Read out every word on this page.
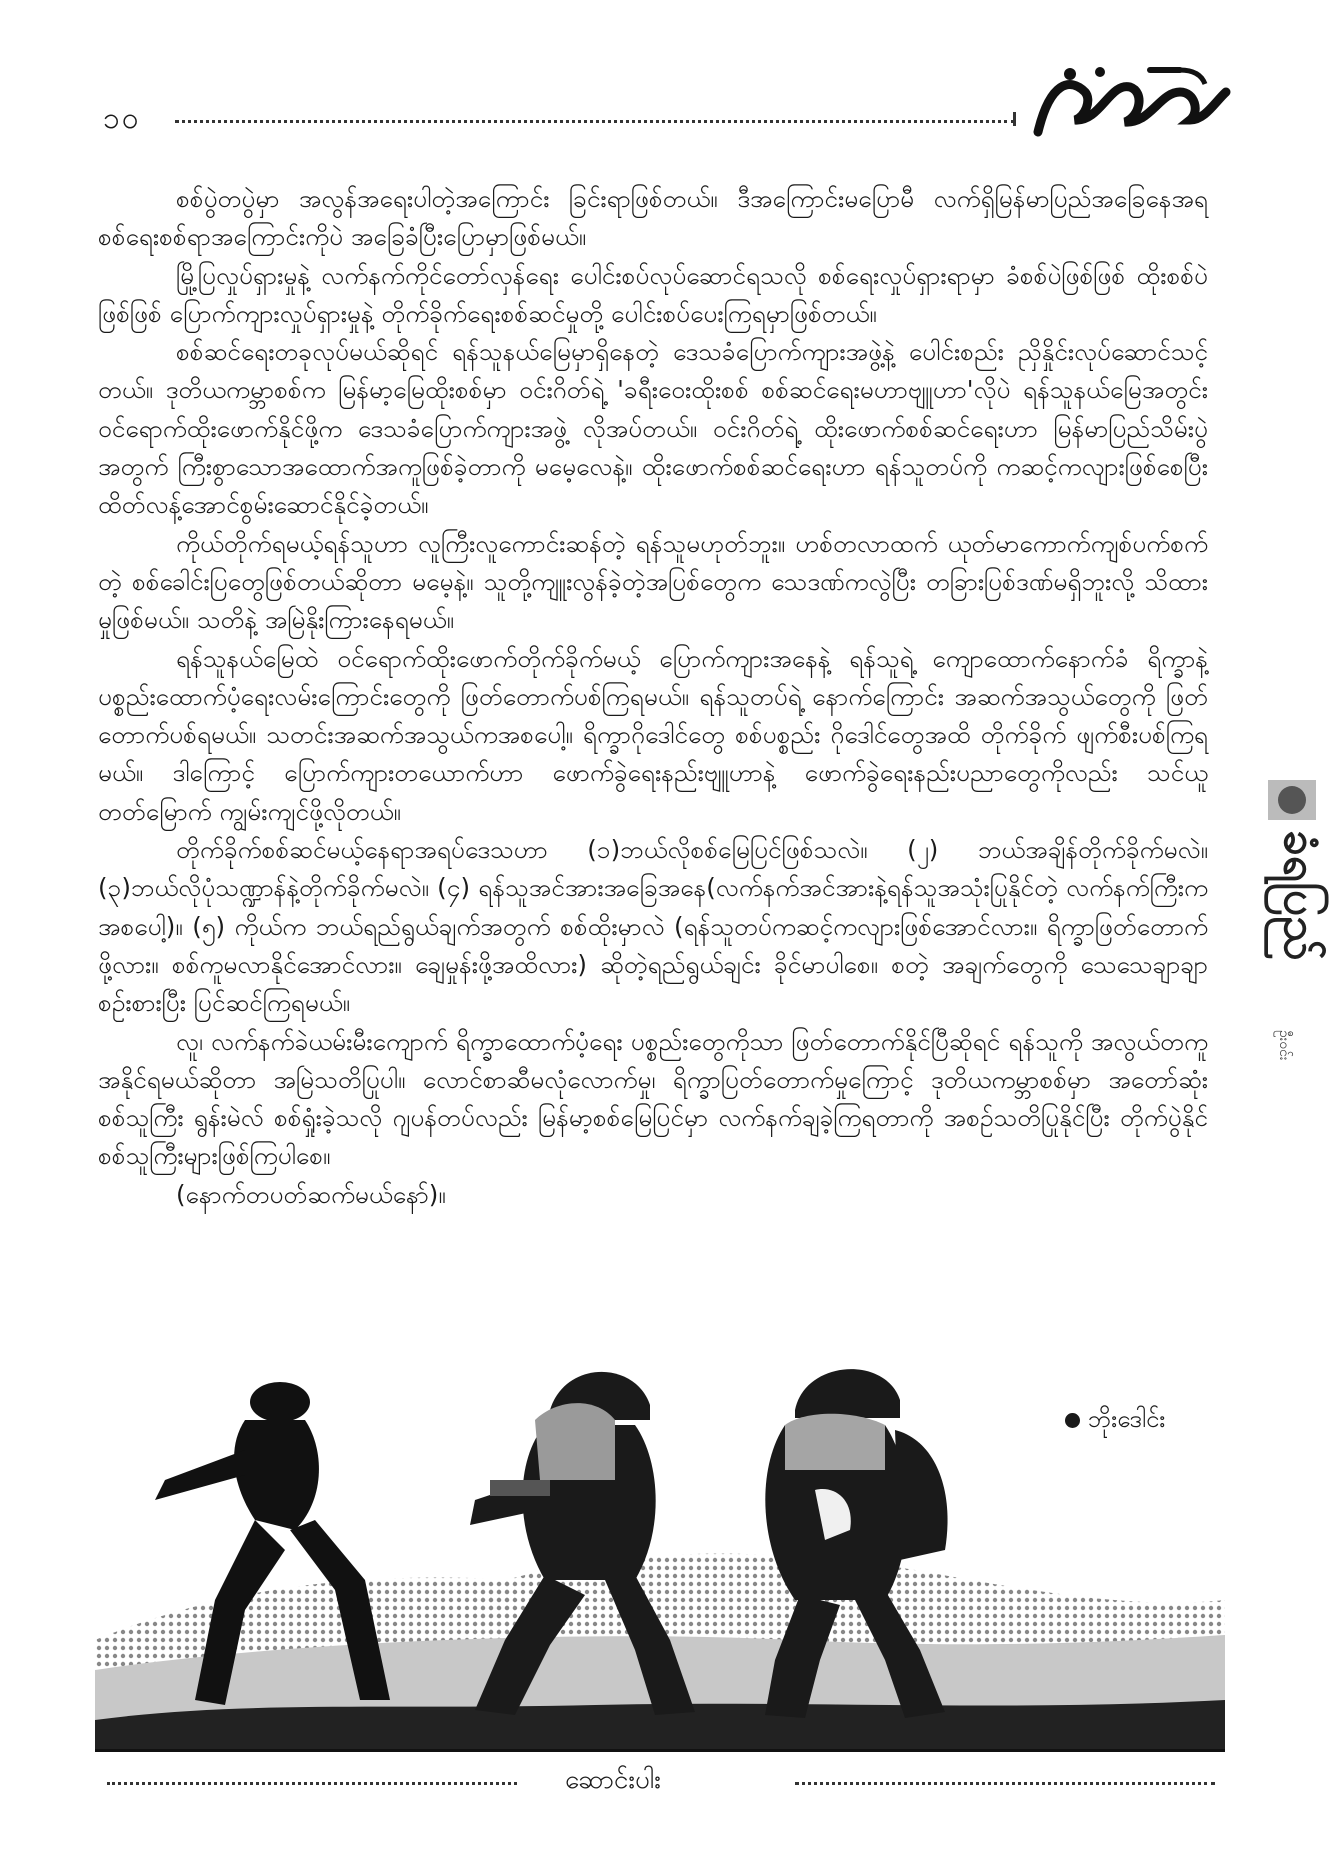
၁၀
မိုးမိုးတောင်
ခံရပြည်
ဦးဝင်း

စစ်ပွဲတပွဲမှာ အလွန်အရေးပါတဲ့အကြောင်း ခြင်းရာဖြစ်တယ်။ ဒီအကြောင်းမပြောမီ လက်ရှိမြန်မာပြည်အခြေနေအရစစ်ရေးစစ်ရာအကြောင်းကိုပဲ အခြေခံပြီးပြောမှာဖြစ်မယ်။

မြို့ပြလှုပ်ရှားမှုနဲ့ လက်နက်ကိုင်တော်လှန်ရေး ပေါင်းစပ်လုပ်ဆောင်ရသလို စစ်ရေးလှုပ်ရှားရာမှာ ခံစစ်ပဲဖြစ်ဖြစ် ထိုးစစ်ပဲဖြစ်ဖြစ် ပြောက်ကျားလှုပ်ရှားမှုနဲ့ တိုက်ခိုက်ရေးစစ်ဆင်မှုတို့ ပေါင်းစပ်ပေးကြရမှာဖြစ်တယ်။

စစ်ဆင်ရေးတခုလုပ်မယ်ဆိုရင် ရန်သူနယ်မြေမှာရှိနေတဲ့ ဒေသခံပြောက်ကျားအဖွဲ့နဲ့ ပေါင်းစည်း ညှိနှိုင်းလုပ်ဆောင်သင့်တယ်။ ဒုတိယကမ္ဘာစစ်က မြန်မာ့မြေထိုးစစ်မှာ ဝင်းဂိတ်ရဲ့ 'ခရီးဝေးထိုးစစ် စစ်ဆင်ရေးမဟာဗျူဟာ'လိုပဲ ရန်သူနယ်မြေအတွင်း ဝင်ရောက်ထိုးဖောက်နိုင်ဖို့က ဒေသခံပြောက်ကျားအဖွဲ့ လိုအပ်တယ်။ ဝင်းဂိတ်ရဲ့ ထိုးဖောက်စစ်ဆင်ရေးဟာ မြန်မာပြည်သိမ်းပွဲအတွက် ကြီးစွာသောအထောက်အကူဖြစ်ခဲ့တာကို မမေ့လေနဲ့။ ထိုးဖောက်စစ်ဆင်ရေးဟာ ရန်သူတပ်ကို ကဆင့်ကလျားဖြစ်စေပြီး ထိတ်လန့်အောင်စွမ်းဆောင်နိုင်ခဲ့တယ်။

ကိုယ်တိုက်ရမယ့်ရန်သူဟာ လူကြီးလူကောင်းဆန်တဲ့ ရန်သူမဟုတ်ဘူး။ ဟစ်တလာထက် ယုတ်မာကောက်ကျစ်ပက်စက်တဲ့ စစ်ခေါင်းပြတွေဖြစ်တယ်ဆိုတာ မမေ့နဲ့။ သူတို့ကျူးလွန်ခဲ့တဲ့အပြစ်တွေက သေဒဏ်ကလွဲပြီး တခြားပြစ်ဒဏ်မရှိဘူးလို့ သိထားမှုဖြစ်မယ်။ သတိနဲ့ အမြဲနိုးကြားနေရမယ်။

ရန်သူနယ်မြေထဲ ဝင်ရောက်ထိုးဖောက်တိုက်ခိုက်မယ့် ပြောက်ကျားအနေနဲ့ ရန်သူရဲ့ ကျောထောက်နောက်ခံ ရိက္ခာနဲ့ ပစ္စည်းထောက်ပံ့ရေးလမ်းကြောင်းတွေကို ဖြတ်တောက်ပစ်ကြရမယ်။ ရန်သူတပ်ရဲ့ နောက်ကြောင်း အဆက်အသွယ်တွေကို ဖြတ်တောက်ပစ်ရမယ်။ သတင်းအဆက်အသွယ်ကအစပေါ့။ ရိက္ခာဂိုဒေါင်တွေ စစ်ပစ္စည်း ဂိုဒေါင်တွေအထိ တိုက်ခိုက် ဖျက်စီးပစ်ကြရမယ်။ ဒါကြောင့် ပြောက်ကျားတယောက်ဟာ ဖောက်ခွဲရေးနည်းဗျူဟာနဲ့ ဖောက်ခွဲရေးနည်းပညာတွေကိုလည်း သင်ယူတတ်မြောက် ကျွမ်းကျင်ဖို့လိုတယ်။

တိုက်ခိုက်စစ်ဆင်မယ့်နေရာအရပ်ဒေသဟာ (၁)ဘယ်လိုစစ်မြေပြင်ဖြစ်သလဲ။ (၂) ဘယ်အချိန်တိုက်ခိုက်မလဲ။ (၃)ဘယ်လိုပုံသဏ္ဍာန်နဲ့တိုက်ခိုက်မလဲ။ (၄) ရန်သူအင်အားအခြေအနေ(လက်နက်အင်အားနဲ့ရန်သူအသုံးပြုနိုင်တဲ့ လက်နက်ကြီးကအစပေါ့)။ (၅) ကိုယ်က ဘယ်ရည်ရွယ်ချက်အတွက် စစ်ထိုးမှာလဲ (ရန်သူတပ်ကဆင့်ကလျားဖြစ်အောင်လား။ ရိက္ခာဖြတ်တောက်ဖို့လား။ စစ်ကူမလာနိုင်အောင်လား။ ချေမှုန်းဖို့အထိလား) ဆိုတဲ့ရည်ရွယ်ချင်း ခိုင်မာပါစေ။ စတဲ့ အချက်တွေကို သေသေချာချာစဉ်းစားပြီး ပြင်ဆင်ကြရမယ်။

လူ၊ လက်နက်ခဲယမ်းမီးကျောက် ရိက္ခာထောက်ပံ့ရေး ပစ္စည်းတွေကိုသာ ဖြတ်တောက်နိုင်ပြီဆိုရင် ရန်သူကို အလွယ်တကူအနိုင်ရမယ်ဆိုတာ အမြဲသတိပြုပါ။ လောင်စာဆီမလုံလောက်မှု၊ ရိက္ခာပြတ်တောက်မှုကြောင့် ဒုတိယကမ္ဘာစစ်မှာ အတော်ဆုံးစစ်သူကြီး ရွန်းမဲလ် စစ်ရှုံးခဲ့သလို ဂျပန်တပ်လည်း မြန်မာ့စစ်မြေပြင်မှာ လက်နက်ချခဲ့ကြရတာကို အစဉ်သတိပြုနိုင်ပြီး တိုက်ပွဲနိုင်စစ်သူကြီးများဖြစ်ကြပါစေ။

(နောက်တပတ်ဆက်မယ်နော်)။

ဘိုးဒေါင်း
ဆောင်းပါး
